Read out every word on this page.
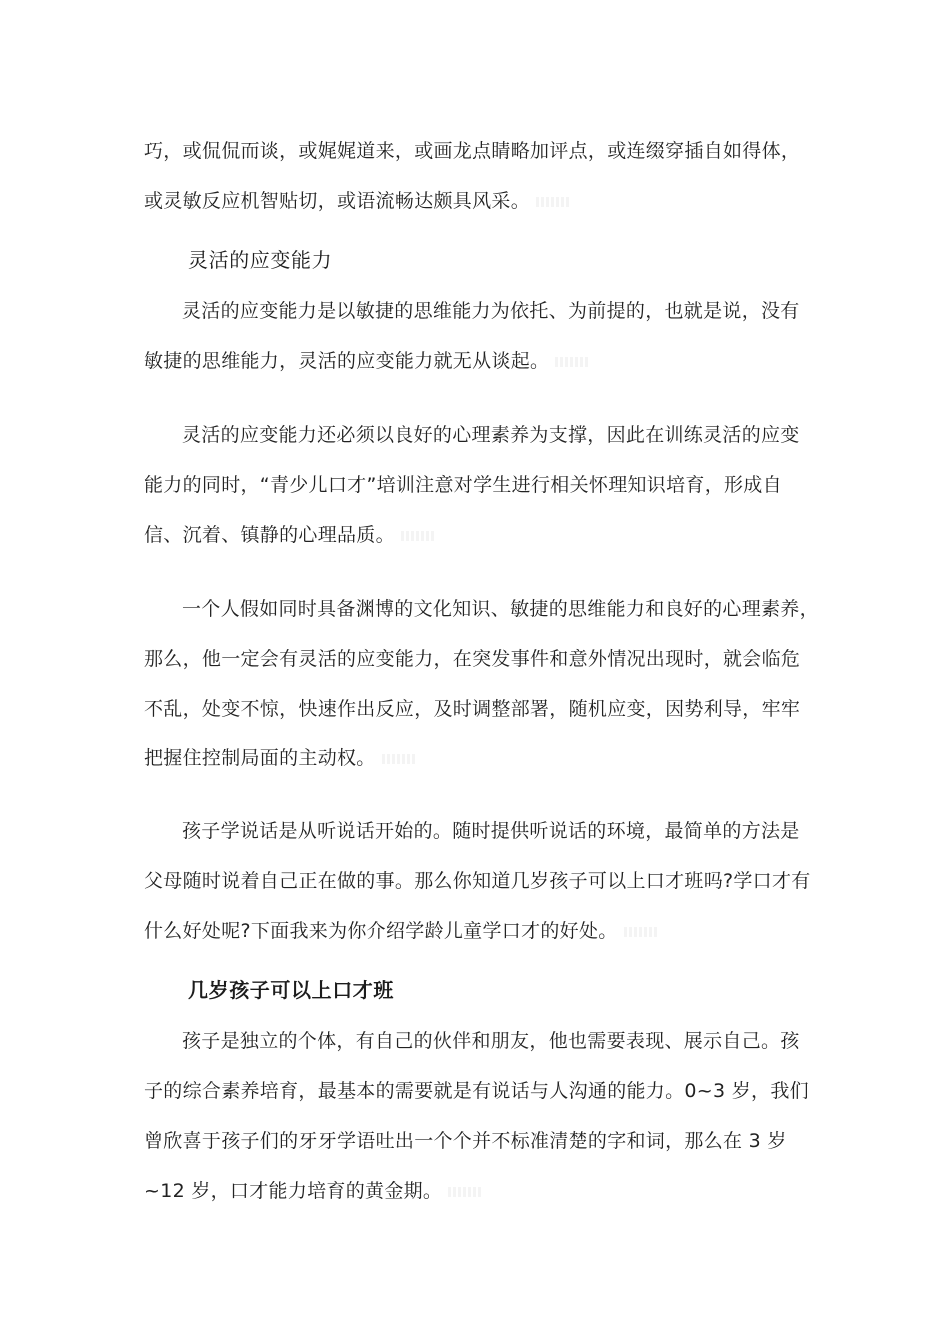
巧，或侃侃而谈，或娓娓道来，或画龙点睛略加评点，或连缀穿插自如得体，
或灵敏反应机智贴切，或语流畅达颇具风采。
灵活的应变能力
灵活的应变能力是以敏捷的思维能力为依托、为前提的，也就是说，没有
敏捷的思维能力，灵活的应变能力就无从谈起。
灵活的应变能力还必须以良好的心理素养为支撑，因此在训练灵活的应变
能力的同时，“青少儿口才”培训注意对学生进行相关怀理知识培育，形成自
信、沉着、镇静的心理品质。
一个人假如同时具备渊博的文化知识、敏捷的思维能力和良好的心理素养，
那么，他一定会有灵活的应变能力，在突发事件和意外情况出现时，就会临危
不乱，处变不惊，快速作出反应，及时调整部署，随机应变，因势利导，牢牢
把握住控制局面的主动权。
孩子学说话是从听说话开始的。随时提供听说话的环境，最简单的方法是
父母随时说着自己正在做的事。那么你知道几岁孩子可以上口才班吗?学口才有
什么好处呢?下面我来为你介绍学龄儿童学口才的好处。
几岁孩子可以上口才班
孩子是独立的个体，有自己的伙伴和朋友，他也需要表现、展示自己。孩
子的综合素养培育，最基本的需要就是有说话与人沟通的能力。0~3 岁，我们
曾欣喜于孩子们的牙牙学语吐出一个个并不标准清楚的字和词，那么在 3 岁
~12 岁，口才能力培育的黄金期。
